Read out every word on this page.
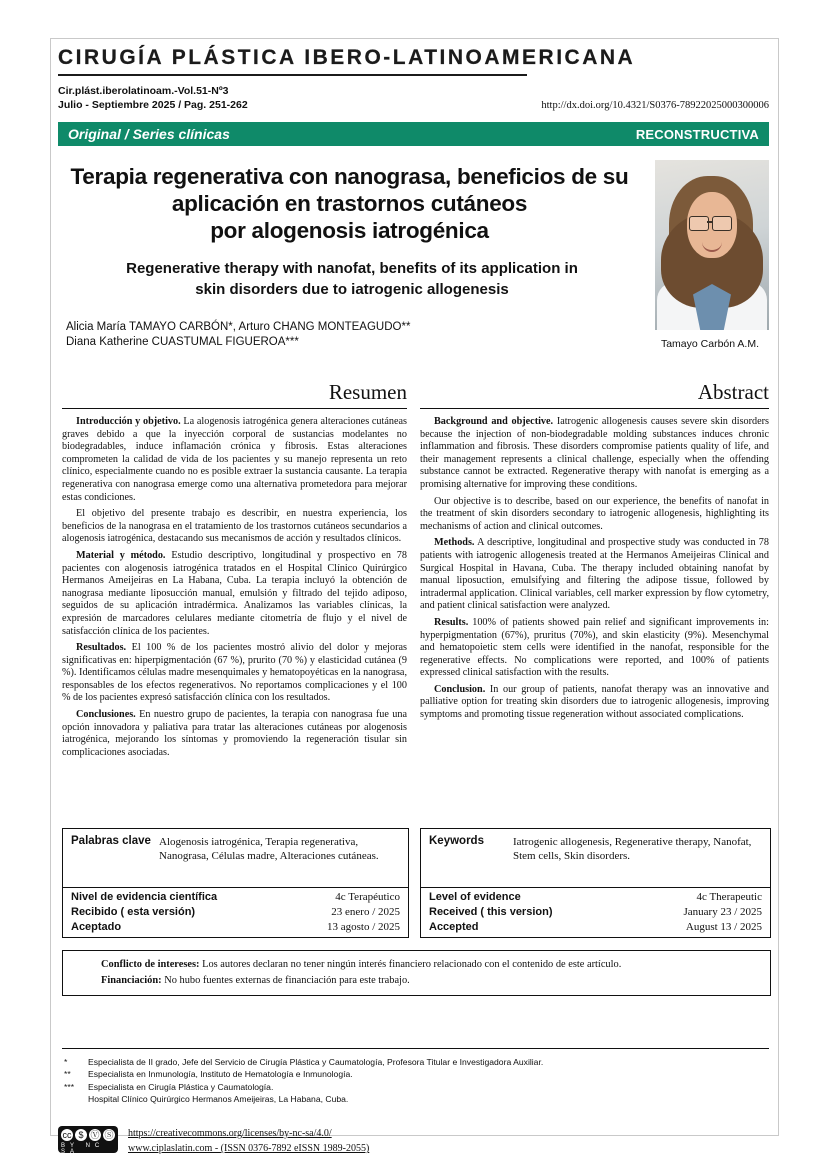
CIRUGÍA PLÁSTICA IBERO-LATINOAMERICANA
Cir.plást.iberolatinoam.-Vol.51-Nº3
Julio - Septiembre 2025 / Pag. 251-262	http://dx.doi.org/10.4321/S0376-78922025000300006
Original / Series clínicas	RECONSTRUCTIVA
Terapia regenerativa con nanograsa, beneficios de su
aplicación en trastornos cutáneos
por alogenosis iatrogénica
Regenerative therapy with nanofat, benefits of its application in
skin disorders due to iatrogenic allogenesis
Alicia María TAMAYO CARBÓN*, Arturo CHANG MONTEAGUDO**
Diana Katherine CUASTUMAL FIGUEROA***	Tamayo Carbón A.M.
Resumen	Abstract

Introducción y objetivo. La alogenosis iatrogénica genera alteraciones cutáneas graves debido a que la inyección corporal de sustancias modelantes no biodegradables, induce inflamación crónica y fibrosis. Estas alteraciones comprometen la calidad de vida de los pacientes y su manejo representa un reto clínico, especialmente cuando no es posible extraer la sustancia causante. La terapia regenerativa con nanograsa emerge como una alternativa prometedora para mejorar estas condiciones.

El objetivo del presente trabajo es describir, en nuestra experiencia, los beneficios de la nanograsa en el tratamiento de los trastornos cutáneos secundarios a alogenosis iatrogénica, destacando sus mecanismos de acción y resultados clínicos.

Material y método. Estudio descriptivo, longitudinal y prospectivo en 78 pacientes con alogenosis iatrogénica tratados en el Hospital Clínico Quirúrgico Hermanos Ameijeiras en La Habana, Cuba. La terapia incluyó la obtención de nanograsa mediante liposucción manual, emulsión y filtrado del tejido adiposo, seguidos de su aplicación intradérmica. Analizamos las variables clínicas, la expresión de marcadores celulares mediante citometría de flujo y el nivel de satisfacción clínica de los pacientes.

Resultados. El 100 % de los pacientes mostró alivio del dolor y mejoras significativas en: hiperpigmentación (67 %), prurito (70 %) y elasticidad cutánea (9 %). Identificamos células madre mesenquimales y hematopoyéticas en la nanograsa, responsables de los efectos regenerativos. No reportamos complicaciones y el 100 % de los pacientes expresó satisfacción clínica con los resultados.

Conclusiones. En nuestro grupo de pacientes, la terapia con nanograsa fue una opción innovadora y paliativa para tratar las alteraciones cutáneas por alogenosis iatrogénica, mejorando los síntomas y promoviendo la regeneración tisular sin complicaciones asociadas.

Background and objective. Iatrogenic allogenesis causes severe skin disorders because the injection of non-biodegradable molding substances induces chronic inflammation and fibrosis. These disorders compromise patients quality of life, and their management represents a clinical challenge, especially when the offending substance cannot be extracted. Regenerative therapy with nanofat is emerging as a promising alternative for improving these conditions.

Our objective is to describe, based on our experience, the benefits of nanofat in the treatment of skin disorders secondary to iatrogenic allogenesis, highlighting its mechanisms of action and clinical outcomes.

Methods. A descriptive, longitudinal and prospective study was conducted in 78 patients with iatrogenic allogenesis treated at the Hermanos Ameijeiras Clinical and Surgical Hospital in Havana, Cuba. The therapy included obtaining nanofat by manual liposuction, emulsifying and filtering the adipose tissue, followed by intradermal application. Clinical variables, cell marker expression by flow cytometry, and patient clinical satisfaction were analyzed.

Results. 100% of patients showed pain relief and significant improvements in: hyperpigmentation (67%), pruritus (70%), and skin elasticity (9%). Mesenchymal and hematopoietic stem cells were identified in the nanofat, responsible for the regenerative effects. No complications were reported, and 100% of patients expressed clinical satisfaction with the results.

Conclusion. In our group of patients, nanofat therapy was an innovative and palliative option for treating skin disorders due to iatrogenic allogenesis, improving symptoms and promoting tissue regeneration without associated complications.

Palabras clave Alogenosis iatrogénica, Terapia regenerativa, Nanograsa, Células madre, Alteraciones cutáneas.
Nivel de evidencia científica	4c Terapéutico
Recibido ( esta versión)	23 enero / 2025
Aceptado	13 agosto / 2025
Keywords	Iatrogenic allogenesis, Regenerative therapy, Nanofat, Stem cells, Skin disorders.
Level of evidence	4c Therapeutic
Received ( this version)	January 23 / 2025
Accepted	August 13 / 2025

Conflicto de intereses: Los autores declaran no tener ningún interés financiero relacionado con el contenido de este artículo.

Financiación: No hubo fuentes externas de financiación para este trabajo.

* Especialista de II grado, Jefe del Servicio de Cirugía Plástica y Caumatología, Profesora Titular e Investigadora Auxiliar.
** Especialista en Inmunología, Instituto de Hematología e Inmunología.
*** Especialista en Cirugía Plástica y Caumatología.
Hospital Clínico Quirúrgico Hermanos Ameijeiras, La Habana, Cuba.
cc $ Ⓥ Ⓢ
BY NC SA
https://creativecommons.org/licenses/by-nc-sa/4.0/
www.ciplaslatin.com - (ISSN 0376-7892 eISSN 1989-2055)
